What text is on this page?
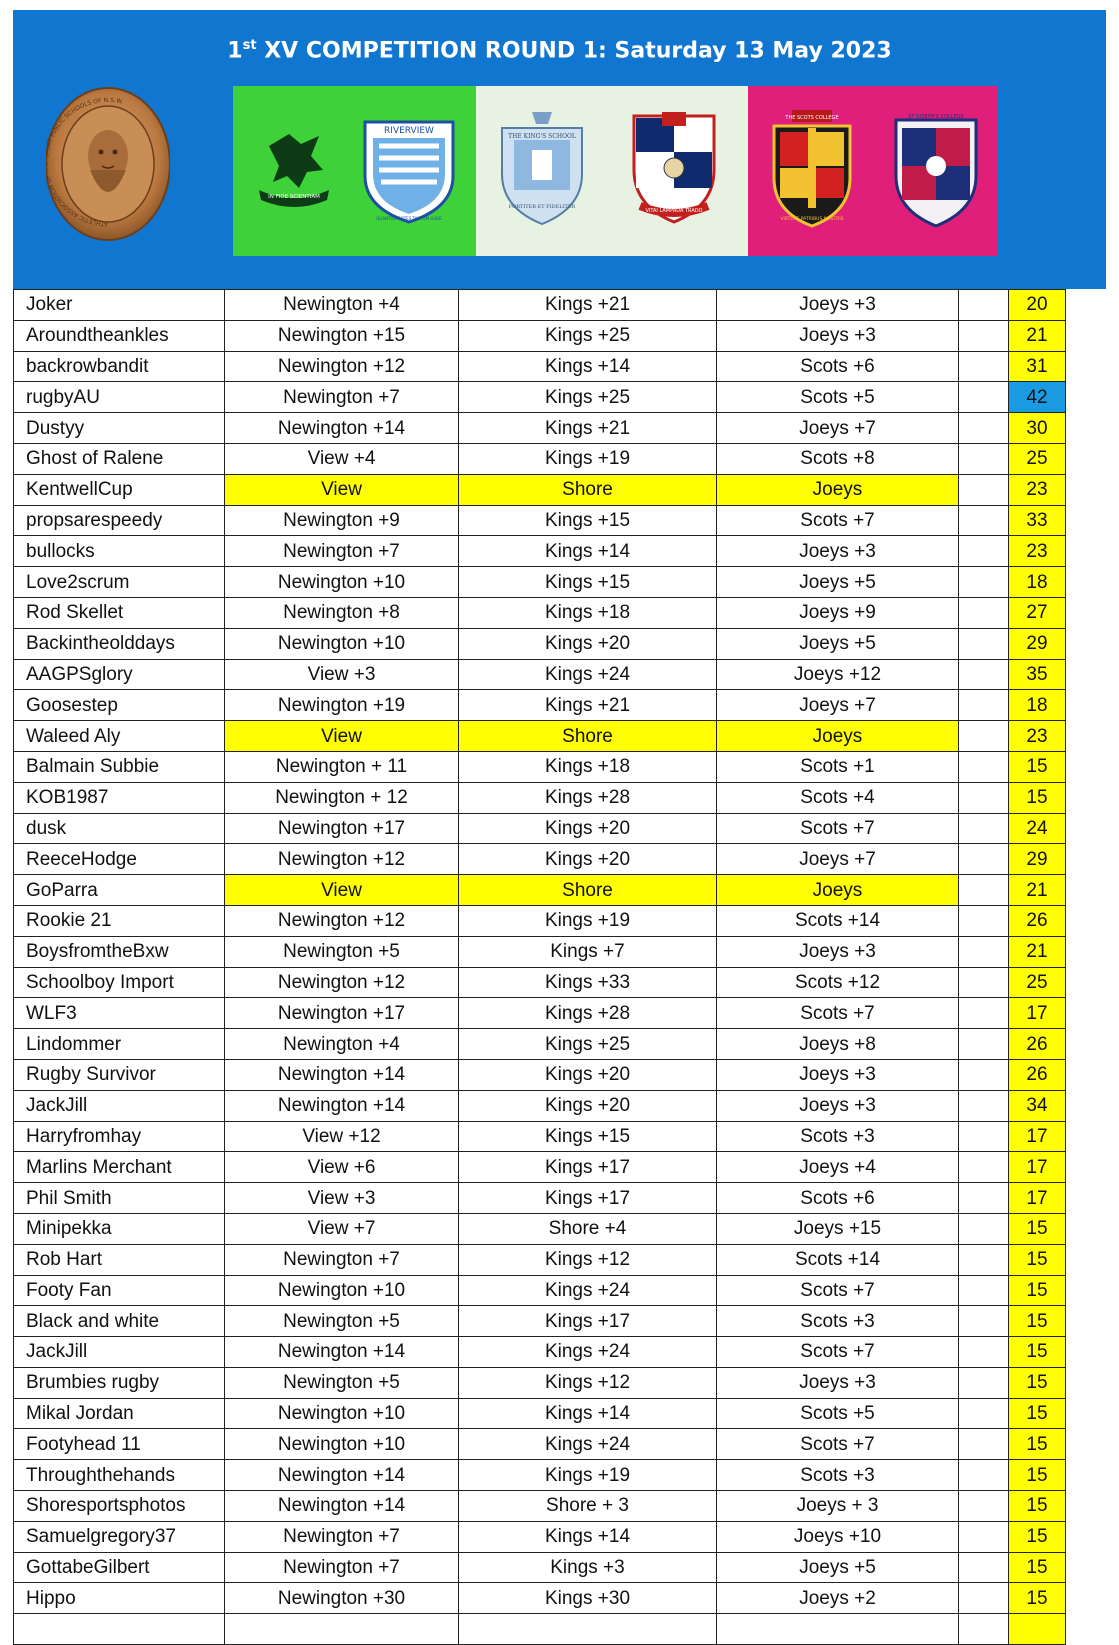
1st XV COMPETITION ROUND 1: Saturday 13 May 2023
ATHLETIC ASSOCIATION O AT PUBLIC SCHOOLS OF N.S.W.
IN FIDE SCIENTIAM
RIVERVIEW
QUANTUM POTES TANTUM AUDE
THE KING'S SCHOOL
FORTITER ET FIDELITER
VITAI LAMPADA TRADO
THE SCOTS COLLEGE
VIRTUTE PATRIBUS NOSTRIS
ST JOSEPH'S COLLEGE
Joker	Newington +4	Kings +21	Joeys +3		20
Aroundtheankles	Newington +15	Kings +25	Joeys +3		21
backrowbandit	Newington +12	Kings +14	Scots +6		31
rugbyAU	Newington +7	Kings +25	Scots +5		42
Dustyy	Newington +14	Kings +21	Joeys +7		30
Ghost of Ralene	View +4	Kings +19	Scots +8		25
KentwellCup	View	Shore	Joeys		23
propsarespeedy	Newington +9	Kings +15	Scots +7		33
bullocks	Newington +7	Kings +14	Joeys +3		23
Love2scrum	Newington +10	Kings +15	Joeys +5		18
Rod Skellet	Newington +8	Kings +18	Joeys +9		27
Backintheolddays	Newington +10	Kings +20	Joeys +5		29
AAGPSglory	View +3	Kings +24	Joeys +12		35
Goosestep	Newington +19	Kings +21	Joeys +7		18
Waleed Aly	View	Shore	Joeys		23
Balmain Subbie	Newington + 11	Kings +18	Scots +1		15
KOB1987	Newington + 12	Kings +28	Scots +4		15
dusk	Newington +17	Kings +20	Scots +7		24
ReeceHodge	Newington +12	Kings +20	Joeys +7		29
GoParra	View	Shore	Joeys		21
Rookie 21	Newington +12	Kings +19	Scots +14		26
BoysfromtheBxw	Newington +5	Kings +7	Joeys +3		21
Schoolboy Import	Newington +12	Kings +33	Scots +12		25
WLF3	Newington +17	Kings +28	Scots +7		17
Lindommer	Newington +4	Kings +25	Joeys +8		26
Rugby Survivor	Newington +14	Kings +20	Joeys +3		26
JackJill	Newington +14	Kings +20	Joeys +3		34
Harryfromhay	View +12	Kings +15	Scots +3		17
Marlins Merchant	View +6	Kings +17	Joeys +4		17
Phil Smith	View +3	Kings +17	Scots +6		17
Minipekka	View +7	Shore +4	Joeys +15		15
Rob Hart	Newington +7	Kings +12	Scots +14		15
Footy Fan	Newington +10	Kings +24	Scots +7		15
Black and white	Newington +5	Kings +17	Scots +3		15
JackJill	Newington +14	Kings +24	Scots +7		15
Brumbies rugby	Newington +5	Kings +12	Joeys +3		15
Mikal Jordan	Newington +10	Kings +14	Scots +5		15
Footyhead 11	Newington +10	Kings +24	Scots +7		15
Throughthehands	Newington +14	Kings +19	Scots +3		15
Shoresportsphotos	Newington +14	Shore + 3	Joeys + 3		15
Samuelgregory37	Newington +7	Kings +14	Joeys +10		15
GottabeGilbert	Newington +7	Kings +3	Joeys +5		15
Hippo	Newington +30	Kings +30	Joeys +2		15
